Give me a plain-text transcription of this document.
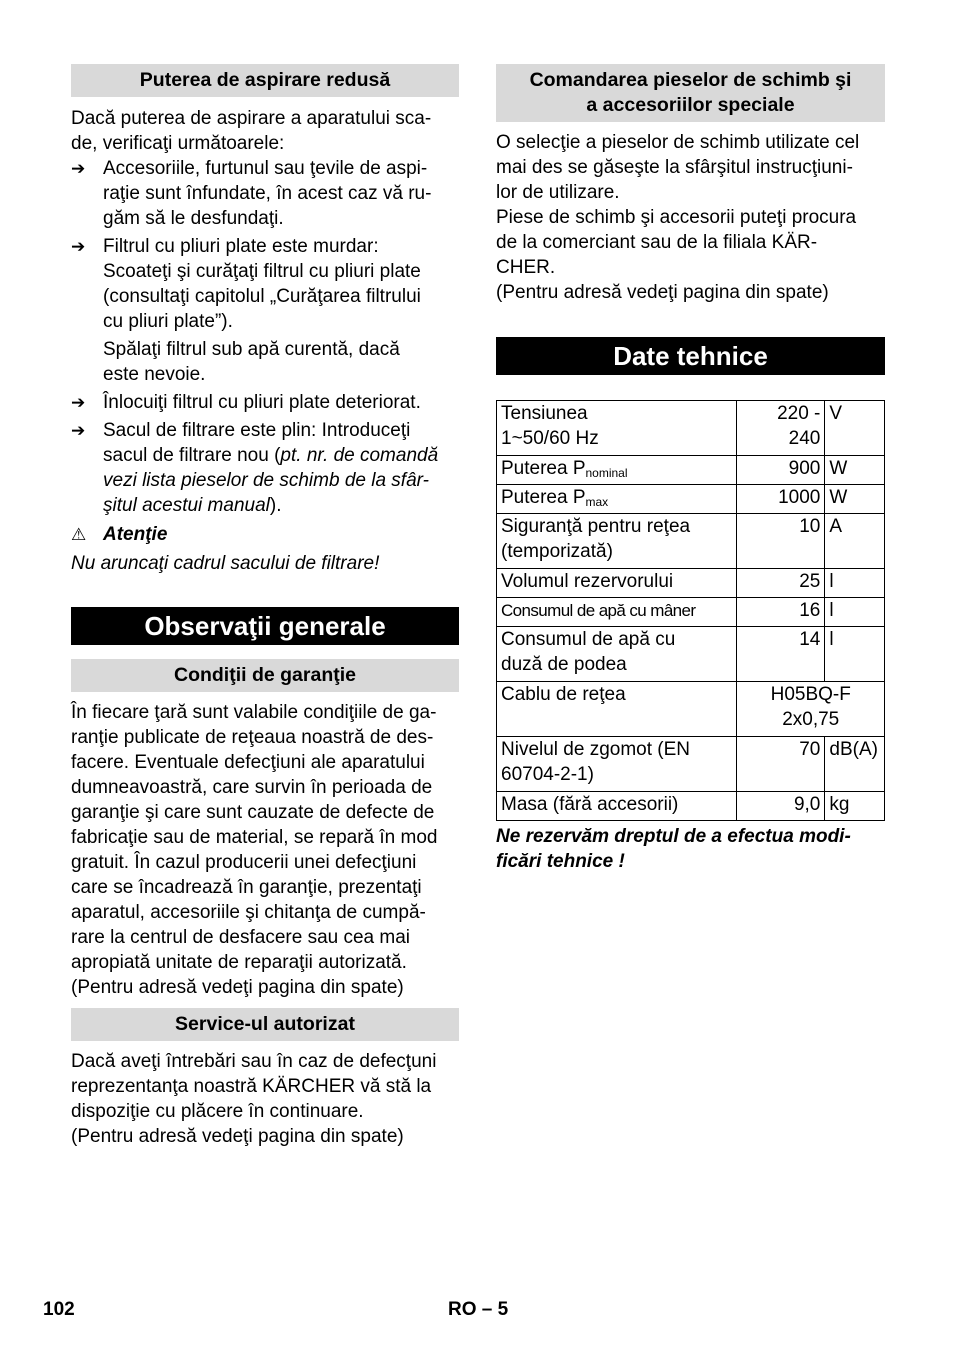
Puterea de aspirare redusă

Dacă puterea de aspirare a aparatului sca-
de, verificaţi următoarele:

➔ Accesoriile, furtunul sau ţevile de aspi-
raţie sunt înfundate, în acest caz vă ru-
găm să le desfundaţi.
➔ Filtrul cu pliuri plate este murdar:

Scoateţi şi curăţaţi filtrul cu pliuri plate
(consultaţi capitolul „Curăţarea filtrului
cu pliuri plate”).

Spălaţi filtrul sub apă curentă, dacă
este nevoie.

➔ Înlocuiţi filtrul cu pliuri plate deteriorat.
➔ Sacul de filtrare este plin: Introduceţi
sacul de filtrare nou (pt. nr. de comandă
vezi lista pieselor de schimb de la sfâr-
şitul acestui manual).
⚠ Atenţie

Nu aruncaţi cadrul sacului de filtrare!

Observaţii generale
Condiţii de garanţie

În fiecare ţară sunt valabile condiţiile de ga-
ranţie publicate de reţeaua noastră de des-
facere. Eventuale defecţiuni ale aparatului
dumneavoastră, care survin în perioada de
garanţie şi care sunt cauzate de defecte de
fabricaţie sau de material, se repară în mod
gratuit. În cazul producerii unei defecţiuni
care se încadrează în garanţie, prezentaţi
aparatul, accesoriile şi chitanţa de cumpă-
rare la centrul de desfacere sau cea mai
apropiată unitate de reparaţii autorizată.
(Pentru adresă vedeţi pagina din spate)

Service-ul autorizat

Dacă aveţi întrebări sau în caz de defecţuni
reprezentanţa noastră KÄRCHER vă stă la
dispoziţie cu plăcere în continuare.
(Pentru adresă vedeţi pagina din spate)

Comandarea pieselor de schimb şi
a accesoriilor speciale

O selecţie a pieselor de schimb utilizate cel
mai des se găseşte la sfârşitul instrucţiuni-
lor de utilizare.
Piese de schimb şi accesorii puteţi procura
de la comerciant sau de la filiala KÄR-
CHER.
(Pentru adresă vedeţi pagina din spate)

Date tehnice
Tensiunea
1~50/60 Hz	220 -
240	V
Puterea $P_{nominal}$	900	W
Puterea $P_{max}$	1000	W
Siguranţă pentru reţea
(temporizată)	10	A
Volumul rezervorului	25	l
Consumul de apă cu mâner	16	l
Consumul de apă cu
duză de podea	14	l
Cablu de reţea	H05BQ-F
2x0,75	
Nivelul de zgomot (EN
60704-2-1)	70	dB(A)
Masa (fără accesorii)	9,0	kg

Ne rezervăm dreptul de a efectua modi-
ficări tehnice !

102	RO – 5
